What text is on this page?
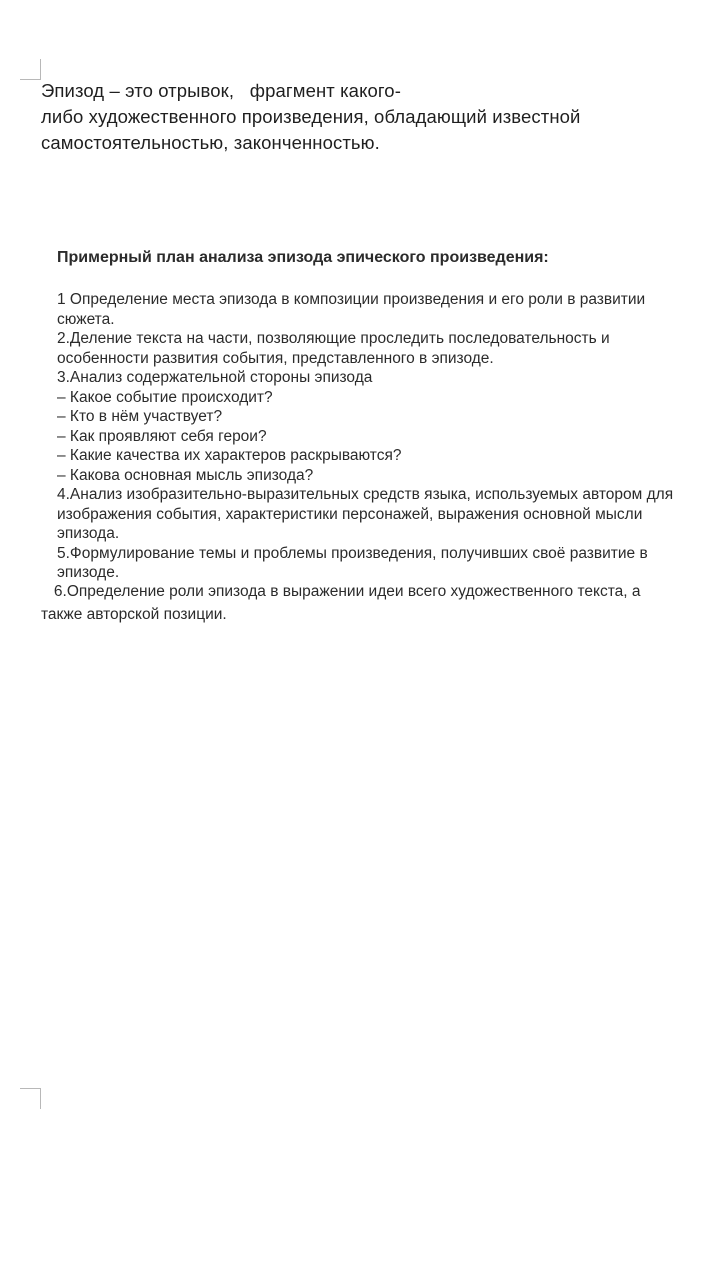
Эпизод – это отрывок,   фрагмент какого-
либо художественного произведения, обладающий известной
самостоятельностью, законченностью.
Примерный план анализа эпизода эпического произведения:
1 Определение места эпизода в композиции произведения и его роли в развитии
сюжета.
2.Деление текста на части, позволяющие проследить последовательность и
особенности развития события, представленного в эпизоде.
3.Анализ содержательной стороны эпизода
– Какое событие происходит?
– Кто в нём участвует?
– Как проявляют себя герои?
– Какие качества их характеров раскрываются?
– Какова основная мысль эпизода?
4.Анализ изобразительно-выразительных средств языка, используемых автором для
изображения события, характеристики персонажей, выражения основной мысли
эпизода.
5.Формулирование темы и проблемы произведения, получивших своё развитие в
эпизоде.
6.Определение роли эпизода в выражении идеи всего художественного текста, а
также авторской позиции.
